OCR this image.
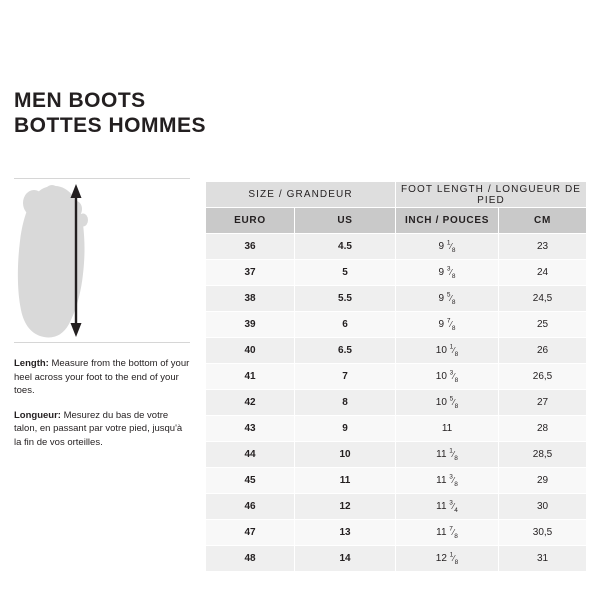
MEN BOOTS
BOTTES HOMMES

Length: Measure from the bottom of your heel across your foot to the end of your toes.

Longueur: Mesurez du bas de votre talon, en passant par votre pied, jusqu'à la fin de vos orteilles.

SIZE / GRANDEUR		FOOT LENGTH / LONGUEUR DE PIED	
EURO	US	INCH / POUCES	CM
36	4.5	9 $^1⁄_8$	23
37	5	9 $^3⁄_8$	24
38	5.5	9 $^5⁄_8$	24,5
39	6	9 $^7⁄_8$	25
40	6.5	10 $^1⁄_8$	26
41	7	10 $^3⁄_8$	26,5
42	8	10 $^5⁄_8$	27
43	9	11	28
44	10	11 $^1⁄_8$	28,5
45	11	11 $^3⁄_8$	29
46	12	11 $^3⁄_4$	30
47	13	11 $^7⁄_8$	30,5
48	14	12 $^1⁄_8$	31
